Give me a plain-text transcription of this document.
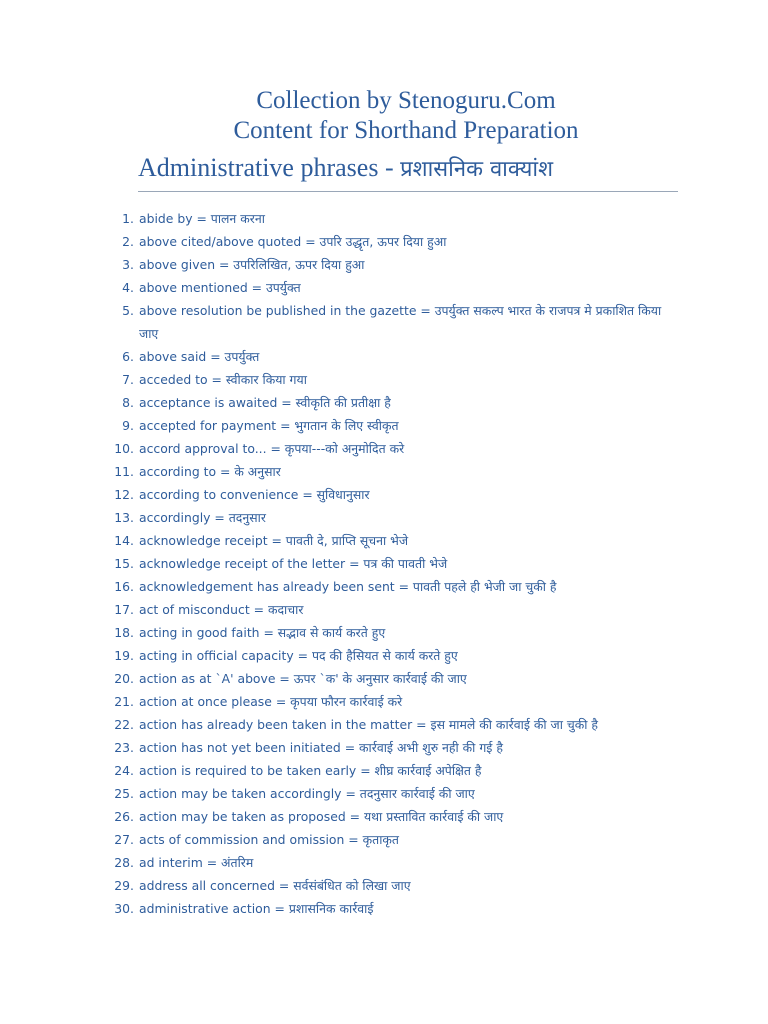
Collection by Stenoguru.Com
Content for Shorthand Preparation
Administrative phrases - प्रशासनिक वाक्यांश
1. abide by = पालन करना
2. above cited/above quoted = उपरि उद्धृत, ऊपर दिया हुआ
3. above given = उपरिलिखित, ऊपर दिया हुआ
4. above mentioned = उपर्युक्त
5. above resolution be published in the gazette = उपर्युक्त सकल्प भारत के राजपत्र मे प्रकाशित किया जाए
6. above said = उपर्युक्त
7. acceded to = स्वीकार किया गया
8. acceptance is awaited = स्वीकृति की प्रतीक्षा है
9. accepted for payment = भुगतान के लिए स्वीकृत
10. accord approval to... = कृपया---को अनुमोदित करे
11. according to = के अनुसार
12. according to convenience = सुविधानुसार
13. accordingly = तदनुसार
14. acknowledge receipt = पावती दे, प्राप्ति सूचना भेजे
15. acknowledge receipt of the letter = पत्र की पावती भेजे
16. acknowledgement has already been sent = पावती पहले ही भेजी जा चुकी है
17. act of misconduct = कदाचार
18. acting in good faith = सद्भाव से कार्य करते हुए
19. acting in official capacity = पद की हैसियत से कार्य करते हुए
20. action as at `A' above = ऊपर `क' के अनुसार कार्रवाई की जाए
21. action at once please = कृपया फौरन कार्रवाई करे
22. action has already been taken in the matter = इस मामले की कार्रवाई की जा चुकी है
23. action has not yet been initiated = कार्रवाई अभी शुरु नही की गई है
24. action is required to be taken early = शीघ्र कार्रवाई अपेक्षित है
25. action may be taken accordingly = तदनुसार कार्रवाई की जाए
26. action may be taken as proposed = यथा प्रस्तावित कार्रवाई की जाए
27. acts of commission and omission = कृताकृत
28. ad interim = अंतरिम
29. address all concerned = सर्वसंबंधित को लिखा जाए
30. administrative action = प्रशासनिक कार्रवाई
